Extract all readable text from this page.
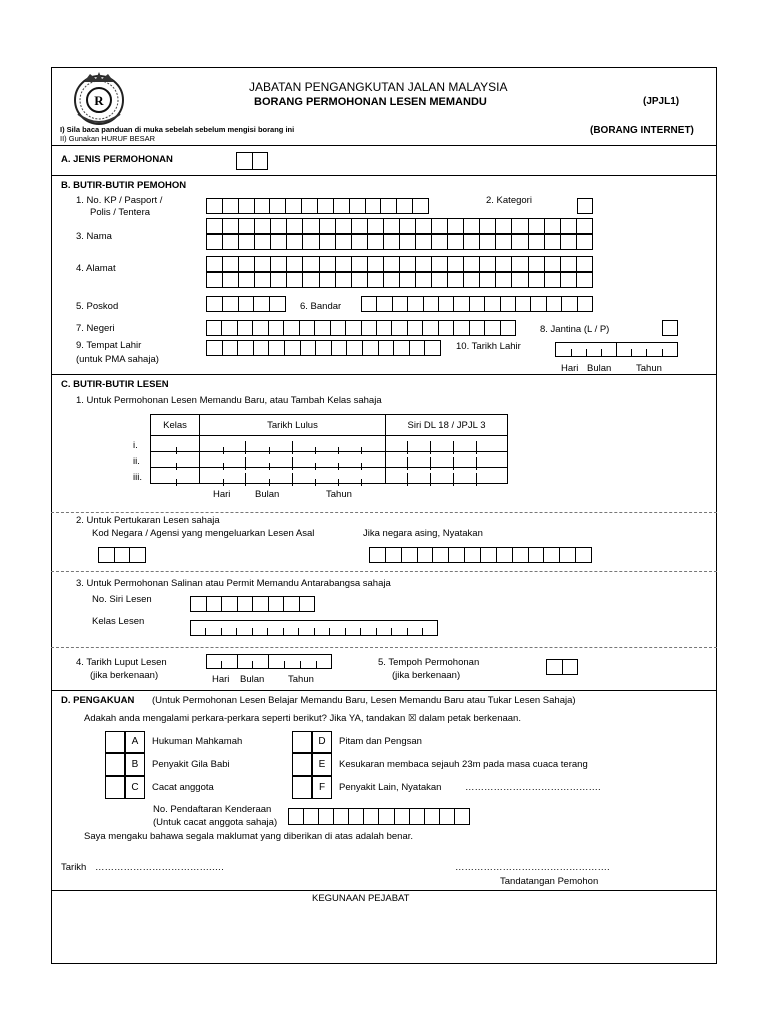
R
JABATAN PENGANGKUTAN JALAN MALAYSIA
BORANG PERMOHONAN LESEN MEMANDU	(JPJL1)
(BORANG INTERNET)
I) Sila baca panduan di muka sebelah sebelum mengisi borang ini
II) Gunakan HURUF BESAR
A. JENIS PERMOHONAN
B. BUTIR-BUTIR PEMOHON
1. No. KP / Pasport /
Polis / Tentera
2. Kategori
3. Nama
4. Alamat
5. Poskod	6. Bandar
7. Negeri	8. Jantina (L / P)
9. Tempat Lahir
(untuk PMA sahaja)
10. Tarikh Lahir
Hari Bulan	Tahun
C. BUTIR-BUTIR LESEN
1. Untuk Permohonan Lesen Memandu Baru, atau Tambah Kelas sahaja
Kelas	Tarikh Lulus	Siri DL 18 / JPJL 3

i.
ii.
iii.
Hari	Bulan	Tahun
2. Untuk Pertukaran Lesen sahaja
Kod Negara / Agensi yang mengeluarkan Lesen Asal	Jika negara asing, Nyatakan
3. Untuk Permohonan Salinan atau Permit Memandu Antarabangsa sahaja
No. Siri Lesen
Kelas Lesen
4. Tarikh Luput Lesen
(jika berkenaan)	Hari Bulan Tahun
5. Tempoh Permohonan
(jika berkenaan)
D. PENGAKUAN (Untuk Permohonan Lesen Belajar Memandu Baru, Lesen Memandu Baru atau Tukar Lesen Sahaja)
Adakah anda mengalami perkara-perkara seperti berikut? Jika YA, tandakan ☒ dalam petak berkenaan.
A	Hukuman Mahkamah
B	Penyakit Gila Babi
C	Cacat anggota
D	Pitam dan Pengsan
E	Kesukaran membaca sejauh 23m pada masa cuaca terang
F	Penyakit Lain, Nyatakan …………………………………….
No. Pendaftaran Kenderaan
(Untuk cacat anggota sahaja)
Saya mengaku bahawa segala maklumat yang diberikan di atas adalah benar.
Tarikh ……………………………….….	………………………………………….
Tandatangan Pemohon
KEGUNAAN PEJABAT
